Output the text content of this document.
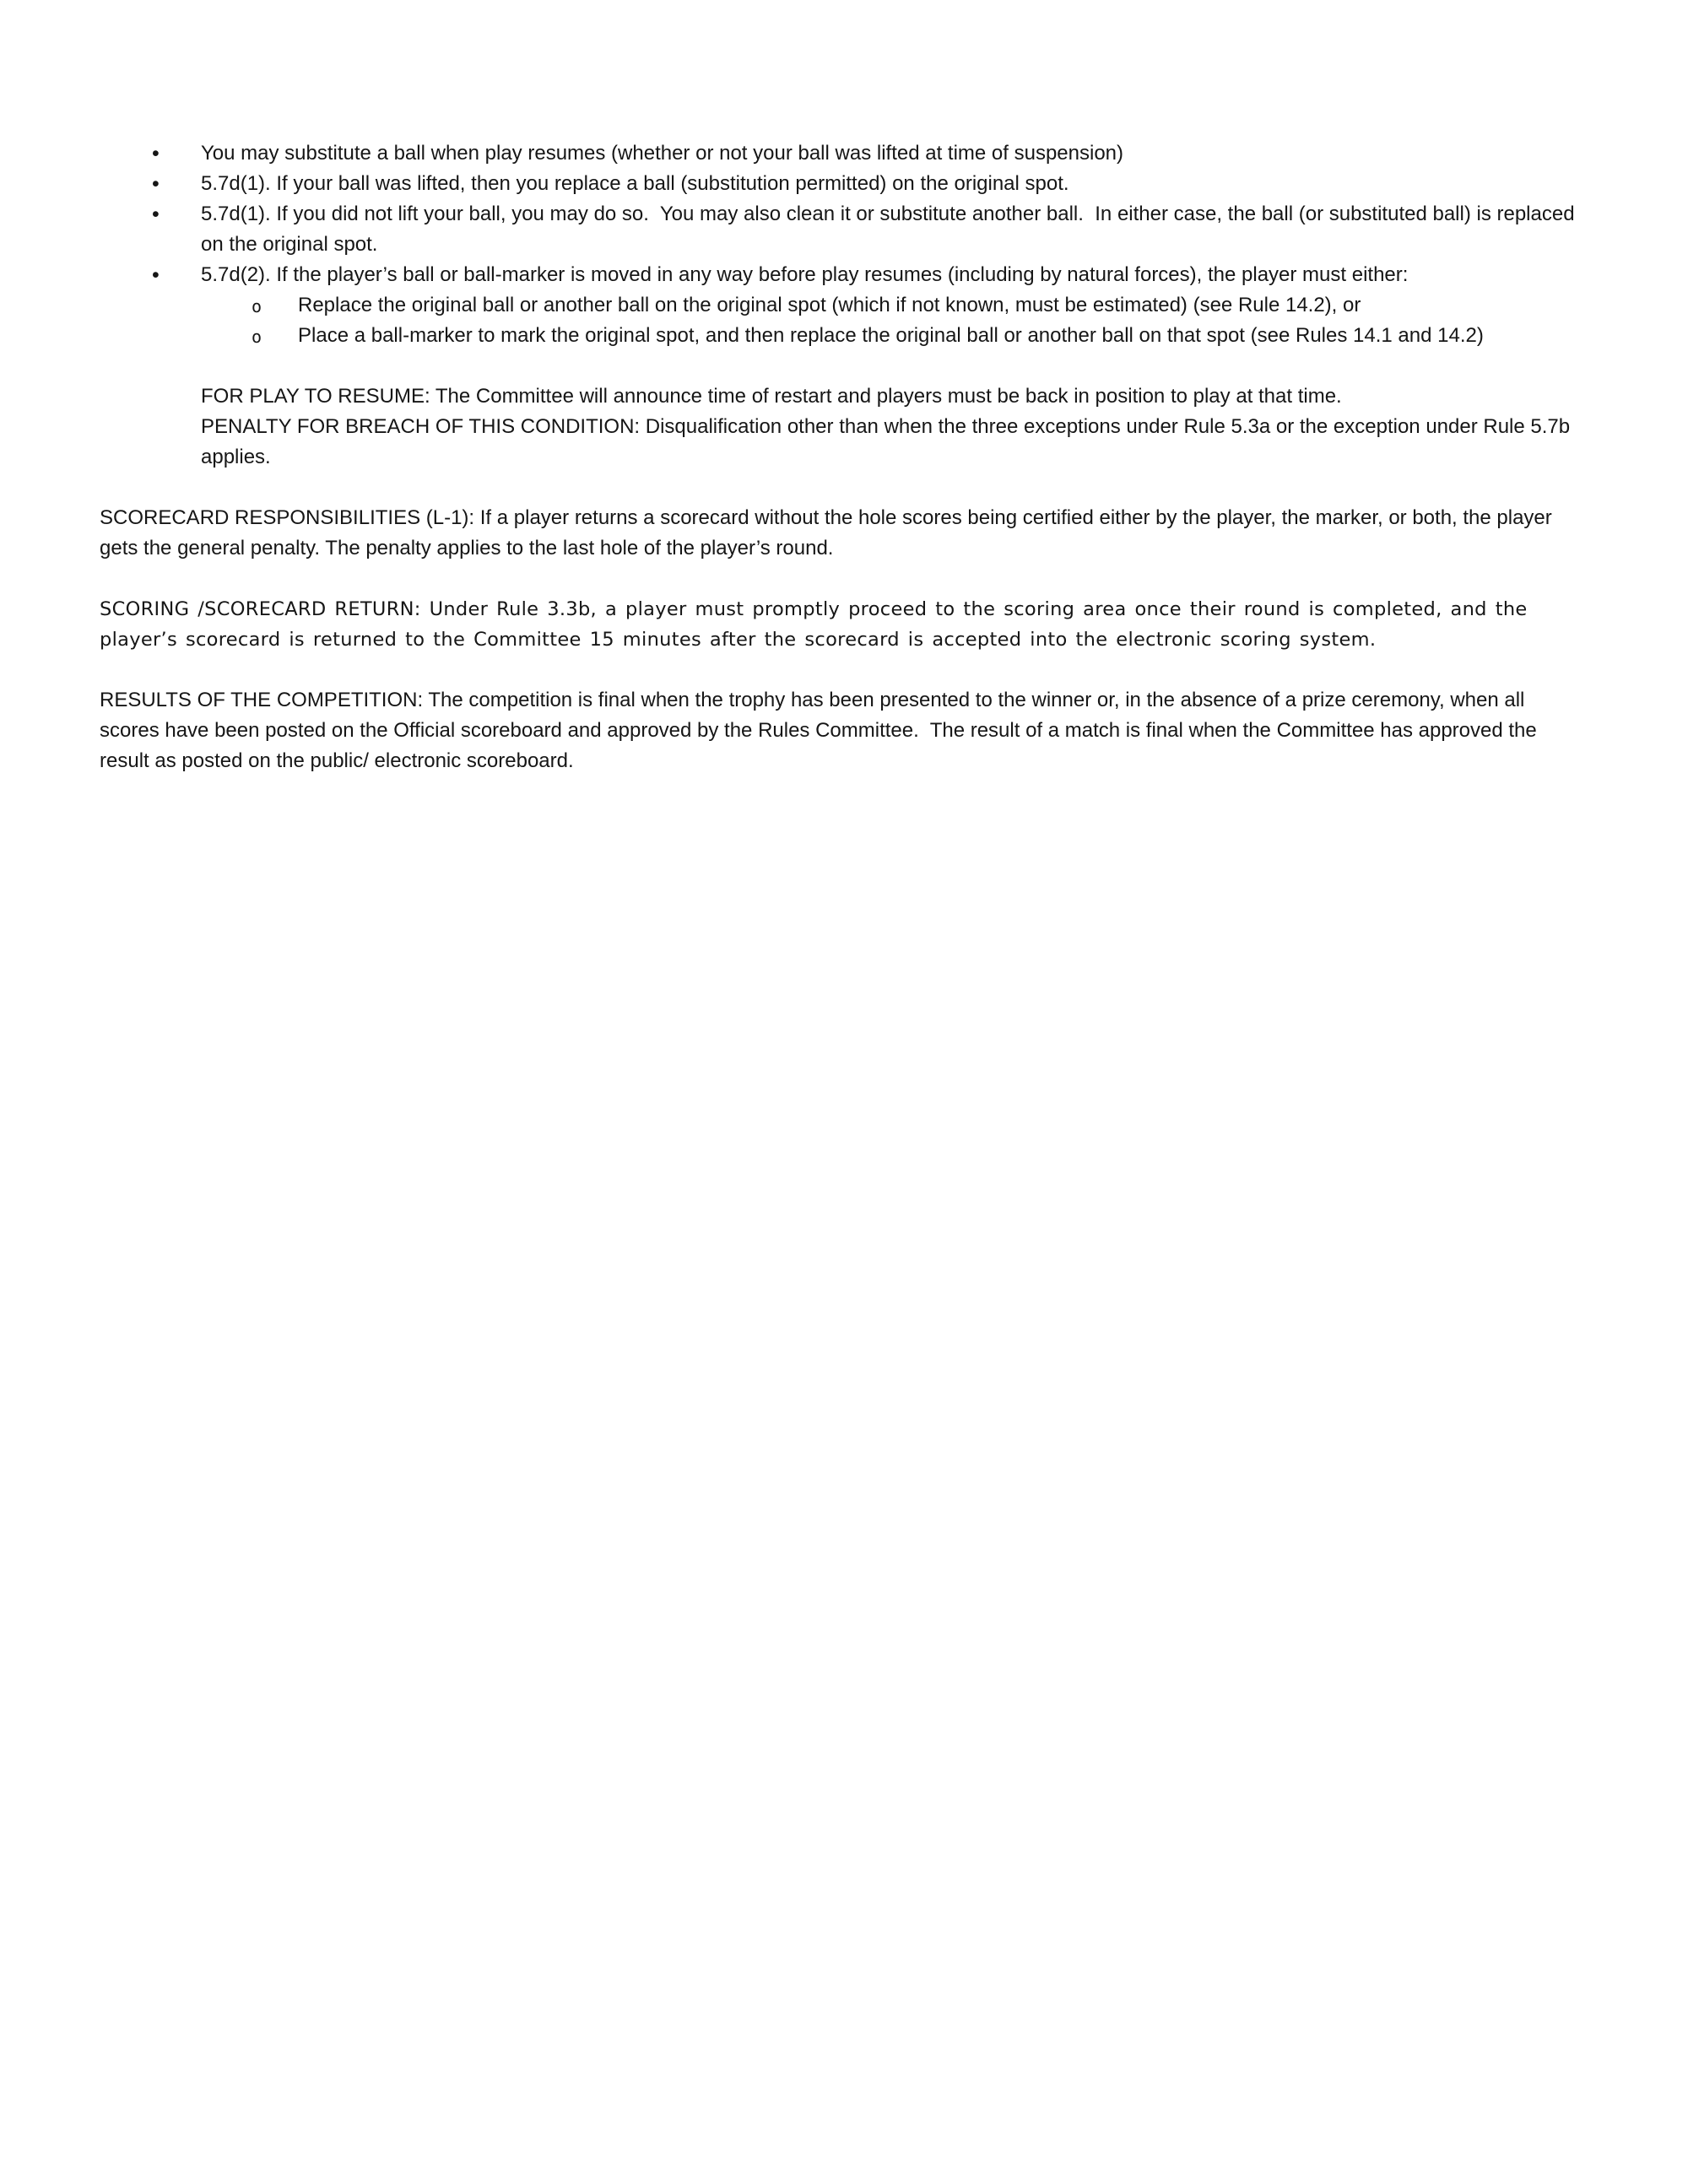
• You may substitute a ball when play resumes (whether or not your ball was lifted at time of suspension)
• 5.7d(1). If your ball was lifted, then you replace a ball (substitution permitted) on the original spot.
• 5.7d(1). If you did not lift your ball, you may do so.  You may also clean it or substitute another ball.  In either case, the ball (or substituted ball) is replaced on the original spot.
• 5.7d(2). If the player’s ball or ball-marker is moved in any way before play resumes (including by natural forces), the player must either:
o Replace the original ball or another ball on the original spot (which if not known, must be estimated) (see Rule 14.2), or
o Place a ball-marker to mark the original spot, and then replace the original ball or another ball on that spot (see Rules 14.1 and 14.2)

FOR PLAY TO RESUME: The Committee will announce time of restart and players must be back in position to play at that time.

PENALTY FOR BREACH OF THIS CONDITION: Disqualification other than when the three exceptions under Rule 5.3a or the exception under Rule 5.7b applies.

SCORECARD RESPONSIBILITIES (L-1): If a player returns a scorecard without the hole scores being certified either by the player, the marker, or both, the player gets the general penalty. The penalty applies to the last hole of the player’s round.

SCORING /SCORECARD RETURN: Under Rule 3.3b, a player must promptly proceed to the scoring area once their round is completed, and the player’s scorecard is returned to the Committee 15 minutes after the scorecard is accepted into the electronic scoring system.

RESULTS OF THE COMPETITION: The competition is final when the trophy has been presented to the winner or, in the absence of a prize ceremony, when all scores have been posted on the Official scoreboard and approved by the Rules Committee.  The result of a match is final when the Committee has approved the result as posted on the public/ electronic scoreboard.
